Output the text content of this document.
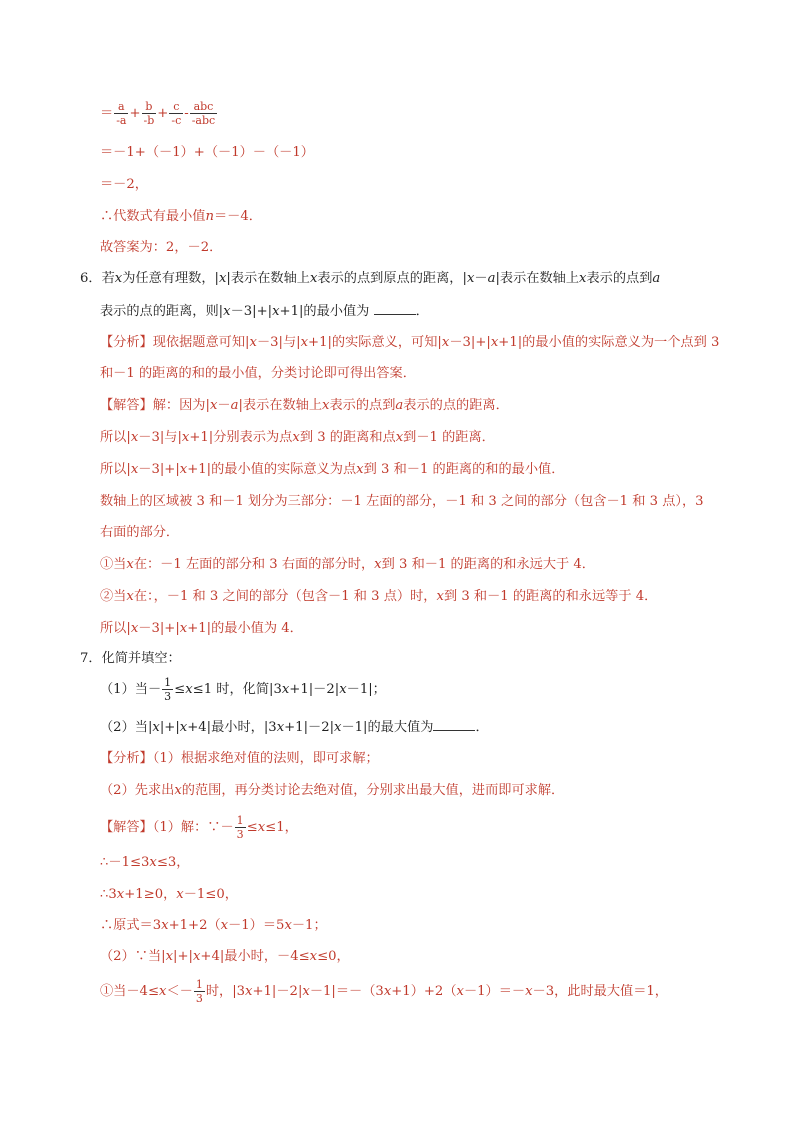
＝ $\frac{a}{-a} + \frac{b}{-b} + \frac{c}{-c} - \frac{\text{abc}}{\text{-abc}}$
＝－1+（－1）+（－1）－（－1）
＝－2，
∴代数式有最小值n＝－4．
故答案为：2，－2．
6．若x为任意有理数，|x|表示在数轴上x表示的点到原点的距离，|x－a|表示在数轴上x表示的点到a
表示的点的距离，则|x－3|+|x+1|的最小值为	．
【分析】现依据题意可知|x－3|与|x+1|的实际意义，可知|x－3|+|x+1|的最小值的实际意义为一个点到 3
和－1 的距离的和的最小值，分类讨论即可得出答案．
【解答】解：因为|x－a|表示在数轴上x表示的点到a表示的点的距离．
所以|x－3|与|x+1|分别表示为点x到 3 的距离和点x到－1 的距离．
所以|x－3|+|x+1|的最小值的实际意义为点x到 3 和－1 的距离的和的最小值．
数轴上的区域被 3 和－1 划分为三部分：－1 左面的部分，－1 和 3 之间的部分（包含－1 和 3 点），3
右面的部分．
①当x在：－1 左面的部分和 3 右面的部分时，x到 3 和－1 的距离的和永远大于 4．
②当x在：，－1 和 3 之间的部分（包含－1 和 3 点）时，x到 3 和－1 的距离的和永远等于 4．
所以|x－3|+|x+1|的最小值为 4．
7．化简并填空：
（1）当－ $\frac{1}{3} \le x\le 1$ 时，化简|3x+1|－2|x－1|；
（2）当|x|+|x+4|最小时，|3x+1|－2|x－1|的最大值为	．
【分析】（1）根据求绝对值的法则，即可求解；
（2）先求出x的范围，再分类讨论去绝对值，分别求出最大值，进而即可求解．
【解答】（1）解：∵－ $\frac{1}{3} \le x\le 1$，
∴－1≤3x≤3，
∴3x+1≥0，x－1≤0，
∴原式＝3x+1+2（x－1）＝5x－1；
（2）∵当|x|+|x+4|最小时，－4≤x≤0，
①当$-4\le x<- \frac{1}{3}$ 时，|3x+1|－2|x－1|＝－（3x+1）+2（x－1）＝－x－3，此时最大值＝1，
